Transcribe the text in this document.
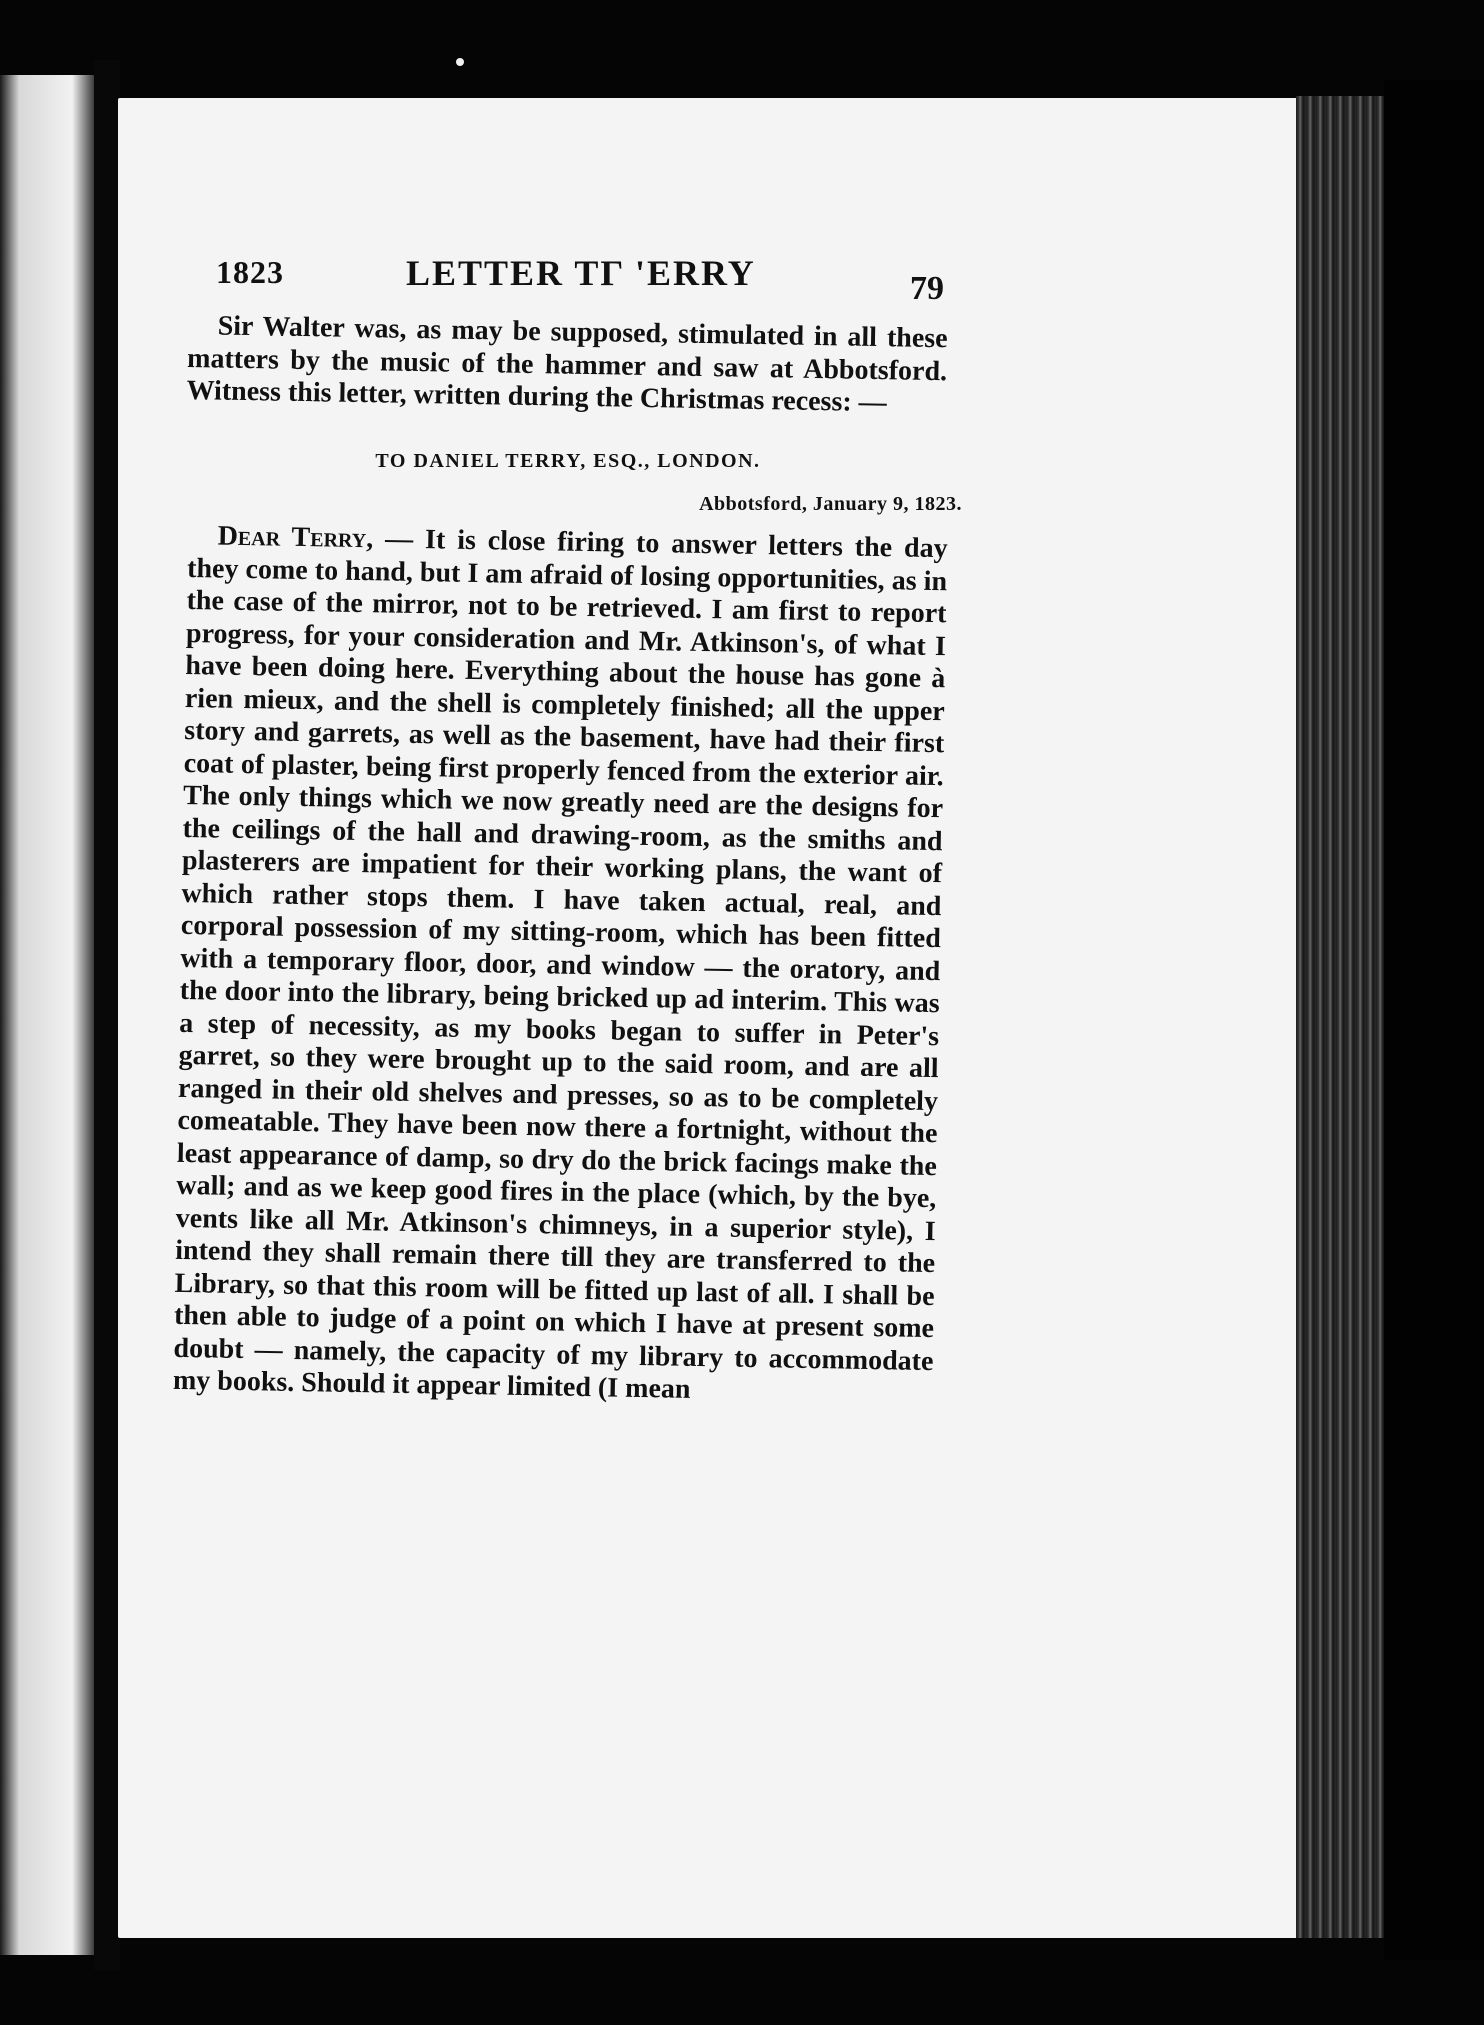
1823	LETTER TΓ 'ERRY	79

Sir Walter was, as may be supposed, stimulated in all these matters by the music of the hammer and saw at Abbotsford. Witness this letter, written during the Christmas recess: —

TO DANIEL TERRY, ESQ., LONDON.
Abbotsford, January 9, 1823.

Dear Terry, — It is close firing to answer letters the day they come to hand, but I am afraid of losing opportunities, as in the case of the mirror, not to be retrieved. I am first to report progress, for your consideration and Mr. Atkinson's, of what I have been doing here. Everything about the house has gone à rien mieux, and the shell is completely finished; all the upper story and garrets, as well as the basement, have had their first coat of plaster, being first properly fenced from the exterior air. The only things which we now greatly need are the designs for the ceilings of the hall and drawing-room, as the smiths and plasterers are impatient for their working plans, the want of which rather stops them. I have taken actual, real, and corporal possession of my sitting-room, which has been fitted with a temporary floor, door, and window — the oratory, and the door into the library, being bricked up ad interim. This was a step of necessity, as my books began to suffer in Peter's garret, so they were brought up to the said room, and are all ranged in their old shelves and presses, so as to be completely comeatable. They have been now there a fortnight, without the least appearance of damp, so dry do the brick facings make the wall; and as we keep good fires in the place (which, by the bye, vents like all Mr. Atkinson's chimneys, in a superior style), I intend they shall remain there till they are transferred to the Library, so that this room will be fitted up last of all. I shall be then able to judge of a point on which I have at present some doubt — namely, the capacity of my library to accommodate my books. Should it appear limited (I mean
